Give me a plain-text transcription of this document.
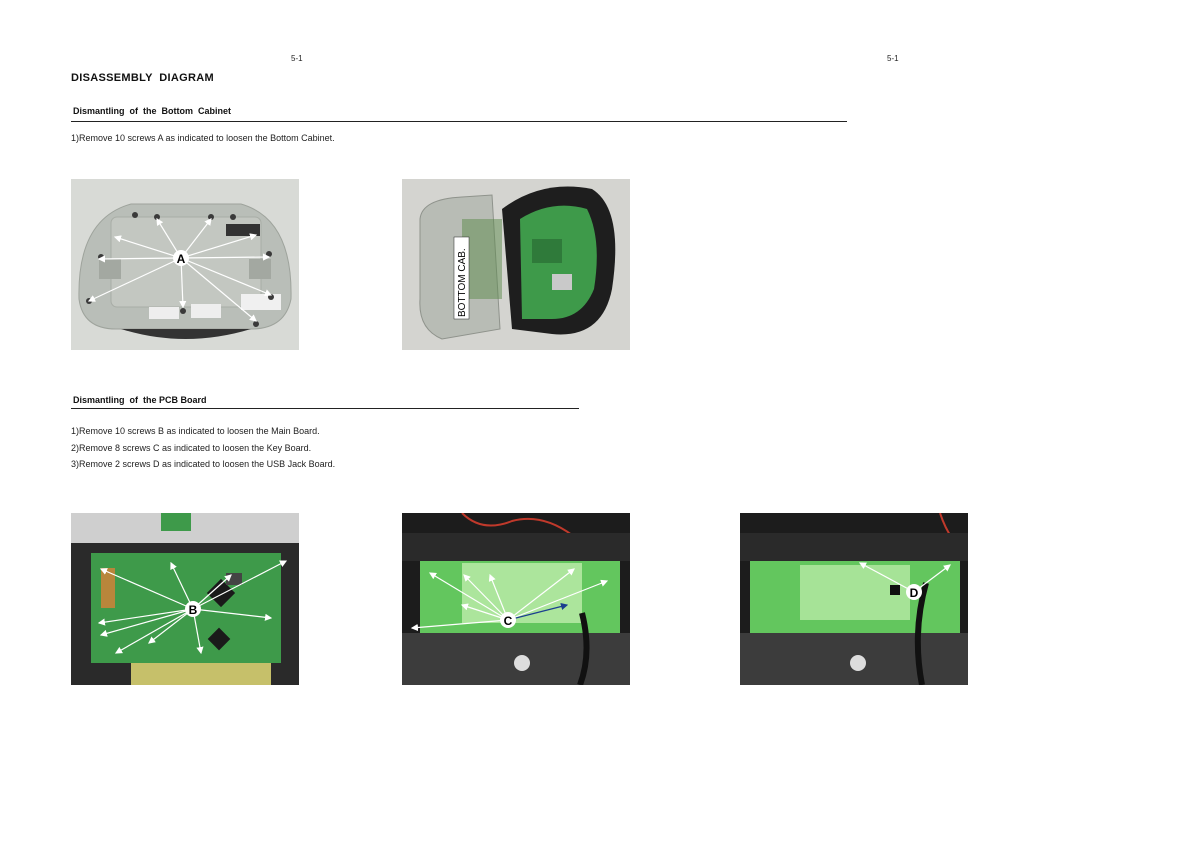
5-1	5-1
DISASSEMBLY  DIAGRAM
Dismantling  of  the  Bottom  Cabinet
1)Remove 10 screws A as indicated to loosen the Bottom Cabinet.
A	BOTTOM CAB.
Dismantling  of  the PCB Board
1)Remove 10 screws B as indicated to loosen the Main Board.
2)Remove 8 screws C as indicated to loosen the Key Board.
3)Remove 2 screws D as indicated to loosen the USB Jack Board.
B
C
D
